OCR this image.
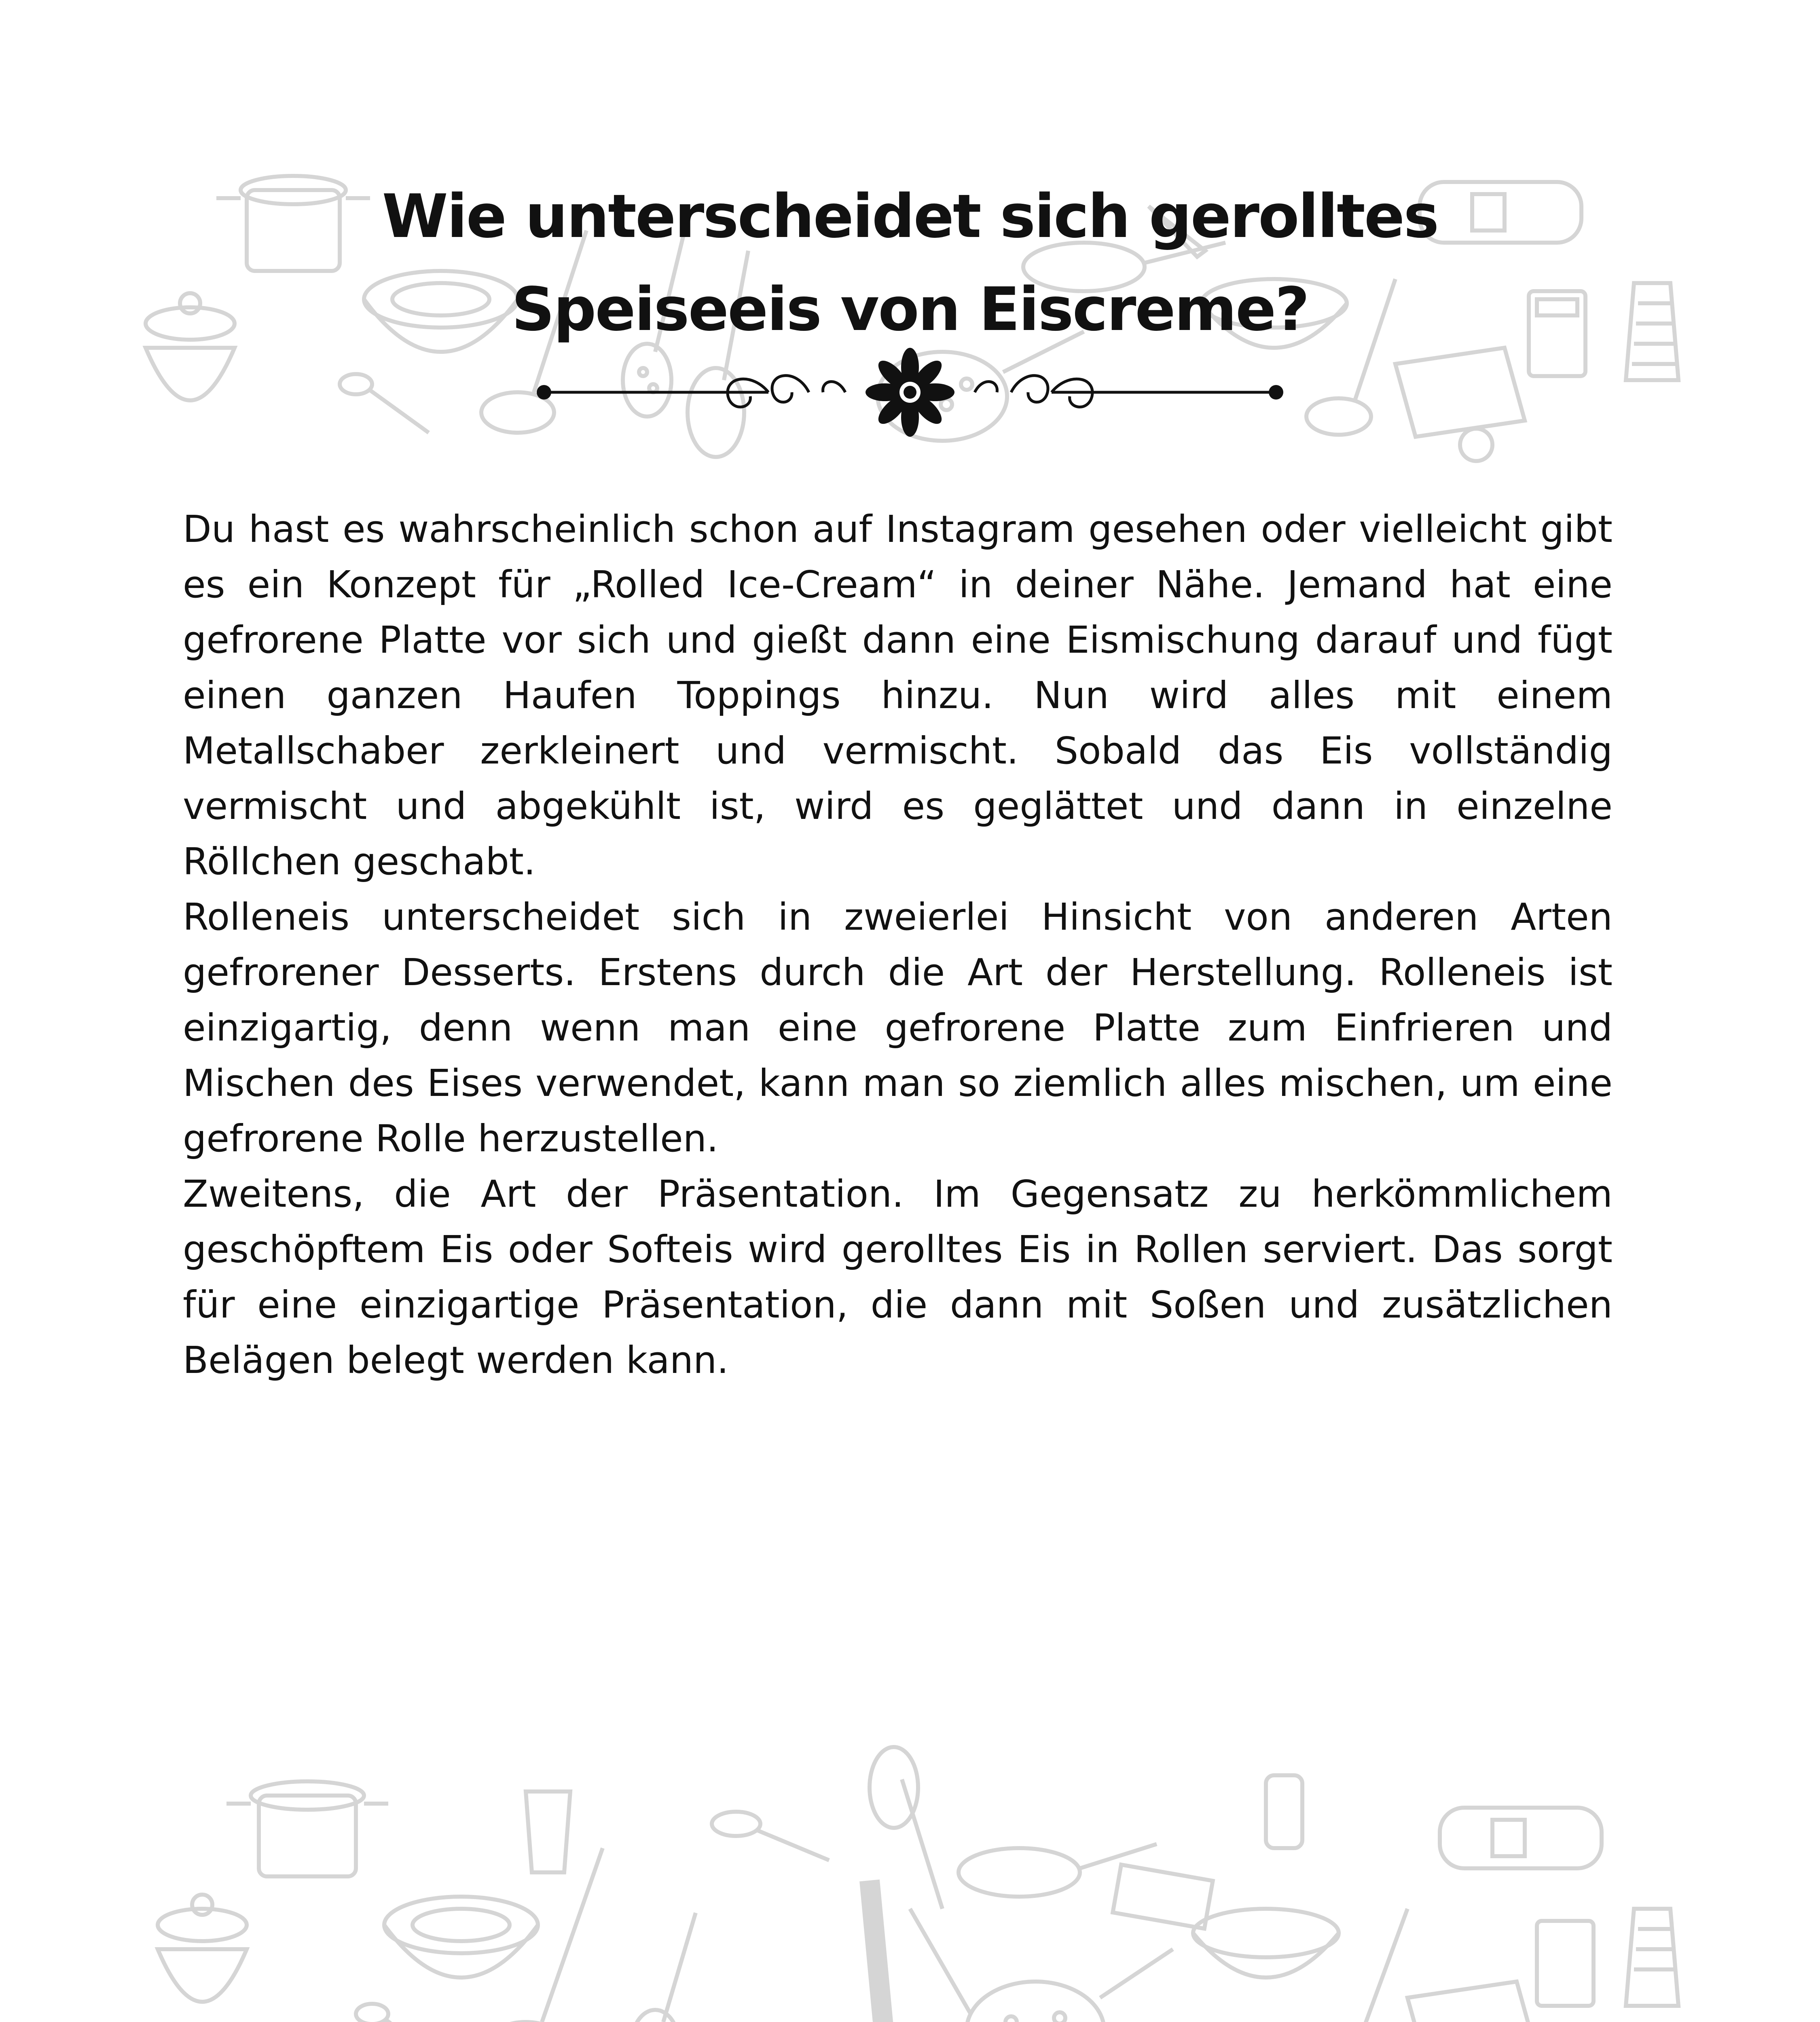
Wie unterscheidet sich gerolltes
Speiseeis von Eiscreme?

Du hast es wahrscheinlich schon auf Instagram gesehen oder vielleicht gibt es ein Konzept für „Rolled Ice-Cream“ in deiner Nähe. Jemand hat eine gefrorene Platte vor sich und gießt dann eine Eismischung darauf und fügt einen ganzen Haufen Toppings hinzu. Nun wird alles mit einem Metallschaber zerkleinert und vermischt. Sobald das Eis vollständig vermischt und abgekühlt ist, wird es geglättet und dann in einzelne Röllchen geschabt.

Rolleneis unterscheidet sich in zweierlei Hinsicht von anderen Arten gefrorener Desserts. Erstens durch die Art der Herstellung. Rolleneis ist einzigartig, denn wenn man eine gefrorene Platte zum Einfrieren und Mischen des Eises verwendet, kann man so ziemlich alles mischen, um eine gefrorene Rolle herzustellen.

Zweitens, die Art der Präsentation. Im Gegensatz zu herkömmlichem geschöpftem Eis oder Softeis wird gerolltes Eis in Rollen serviert. Das sorgt für eine einzigartige Präsentation, die dann mit Soßen und zusätzlichen Belägen belegt werden kann.
